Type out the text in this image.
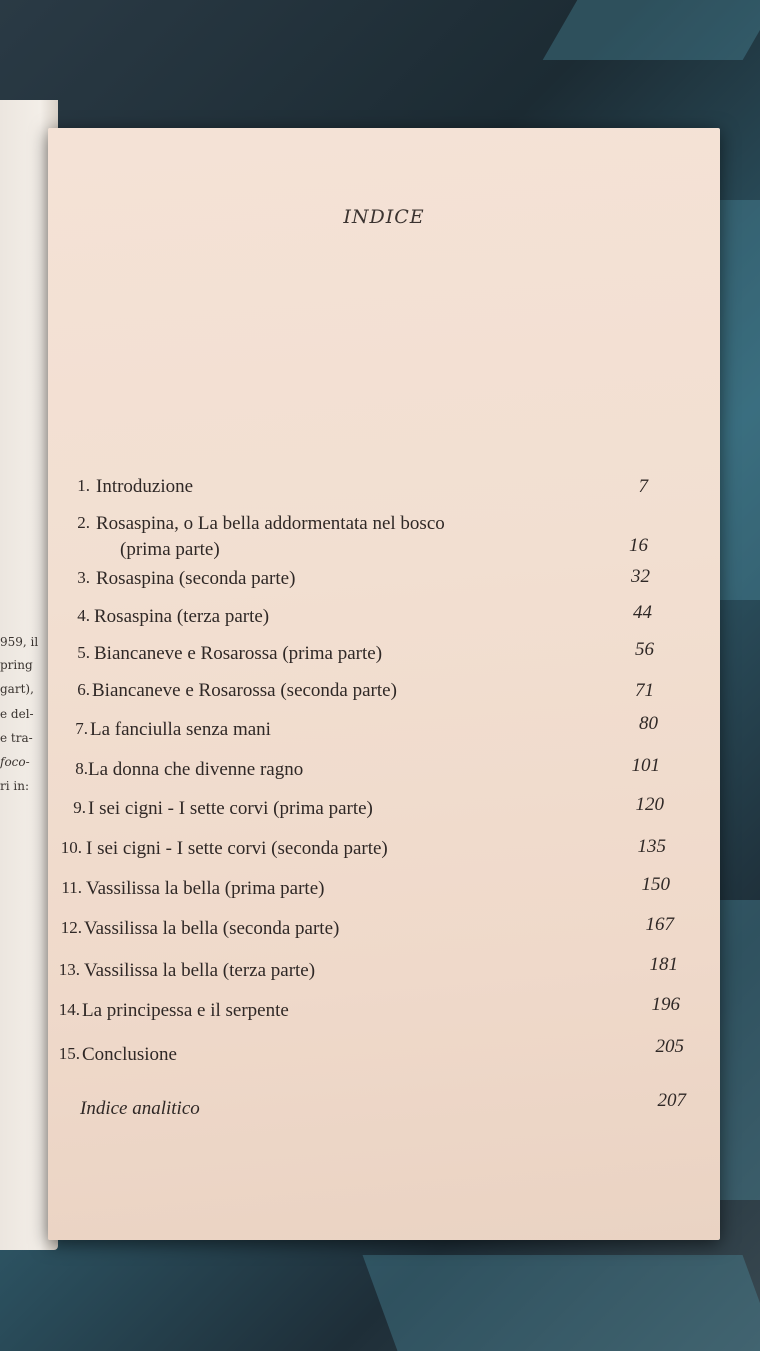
959, il
pring
gart),
e del-
e tra-
foco-
ri in:
INDICE
1. Introduzione	7
2. Rosaspina, o La bella addormentata nel bosco
(prima parte)	16
3. Rosaspina (seconda parte)	32
4. Rosaspina (terza parte)	44
5. Biancaneve e Rosarossa (prima parte)	56
6. Biancaneve e Rosarossa (seconda parte)	71
7. La fanciulla senza mani	80
8. La donna che divenne ragno	101
9. I sei cigni - I sette corvi (prima parte)	120
10. I sei cigni - I sette corvi (seconda parte)	135
11. Vassilissa la bella (prima parte)	150
12. Vassilissa la bella (seconda parte)	167
13. Vassilissa la bella (terza parte)	181
14. La principessa e il serpente	196
15. Conclusione	205
Indice analitico	207
